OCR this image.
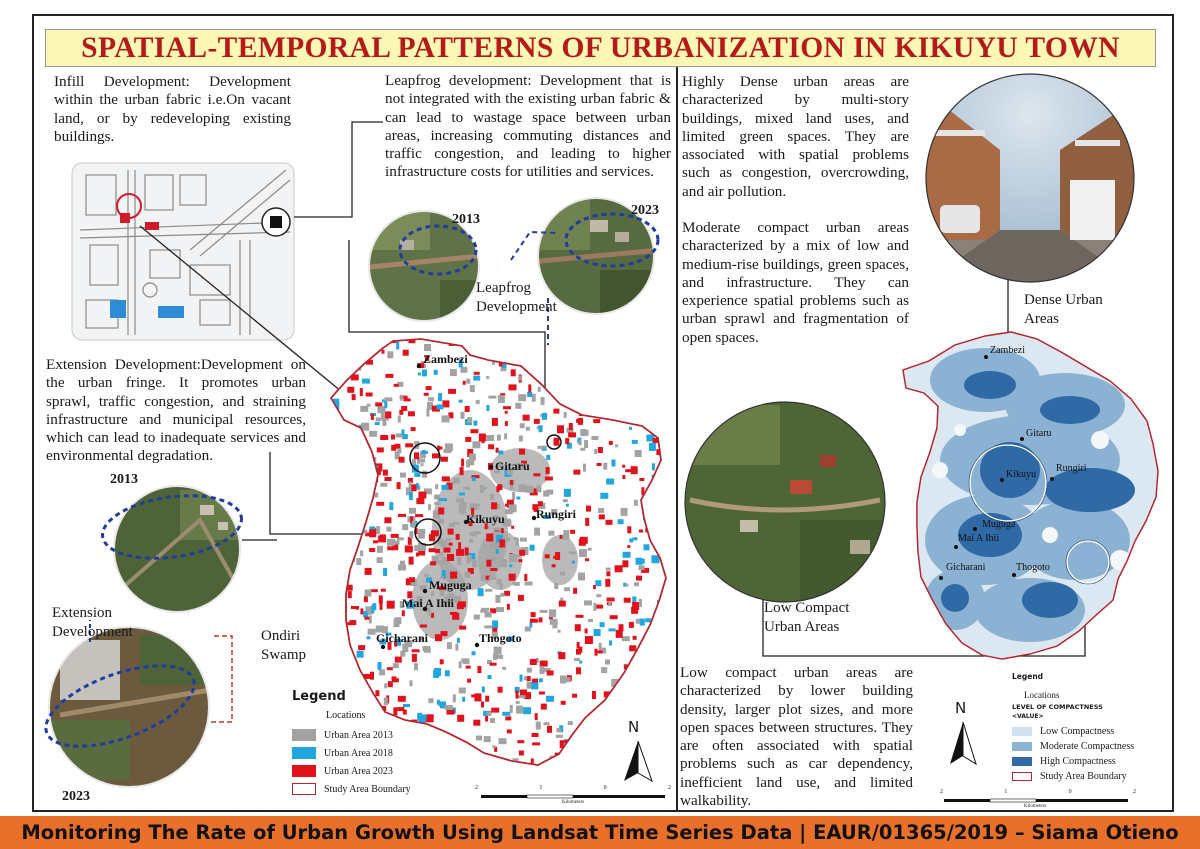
SPATIAL-TEMPORAL PATTERNS OF URBANIZATION IN KIKUYU TOWN
Infill Development: Development within the urban fabric i.e.On vacant land, or by redeveloping existing buildings.
Leapfrog development: Development that is not integrated with the existing urban fabric & can lead to wastage space between urban areas, increasing commuting distances and traffic congestion, and leading to higher infrastructure costs for utilities and services.
2013
2023
Leapfrog Development
Extension Development:Development on the urban fringe. It promotes urban sprawl, traffic congestion, and straining infrastructure and municipal resources, which can lead to inadequate services and environmental degradation.
2013
2023
Extension Development	Ondiri Swamp
Zambezi
Gitaru
Kikuyu	Rungiri
Muguga
Mai A Ihii
Gicharani	Thogoto
Legend
Locations
Urban Area 2013
Urban Area 2018
Urban Area 2023
Study Area Boundary
N
2	1	0	2
Kilometers
Highly Dense urban areas are characterized by multi-story buildings, mixed land uses, and limited green spaces. They are associated with spatial problems such as congestion, overcrowding, and air pollution.
Moderate compact urban areas characterized by a mix of low and medium-rise buildings, green spaces, and infrastructure. They can experience spatial problems such as urban sprawl and fragmentation of open spaces.
Dense Urban Areas
Low Compact Urban Areas
Low compact urban areas are characterized by lower building density, larger plot sizes, and more open spaces between structures. They are often associated with spatial problems such as car dependency, inefficient land use, and limited walkability.
Zambezi
Gitaru
Kikuyu
Rungiri
Muguga
Mai A Ihii
Gicharani	Thogoto
Legend
Locations
LEVEL OF COMPACTNESS
<VALUE>
Low Compactness
Moderate Compactness
High Compactness
Study Area Boundary
N
2	1	0	2
Kilometers
Monitoring The Rate of Urban Growth Using Landsat Time Series Data | EAUR/01365/2019 – Siama Otieno
